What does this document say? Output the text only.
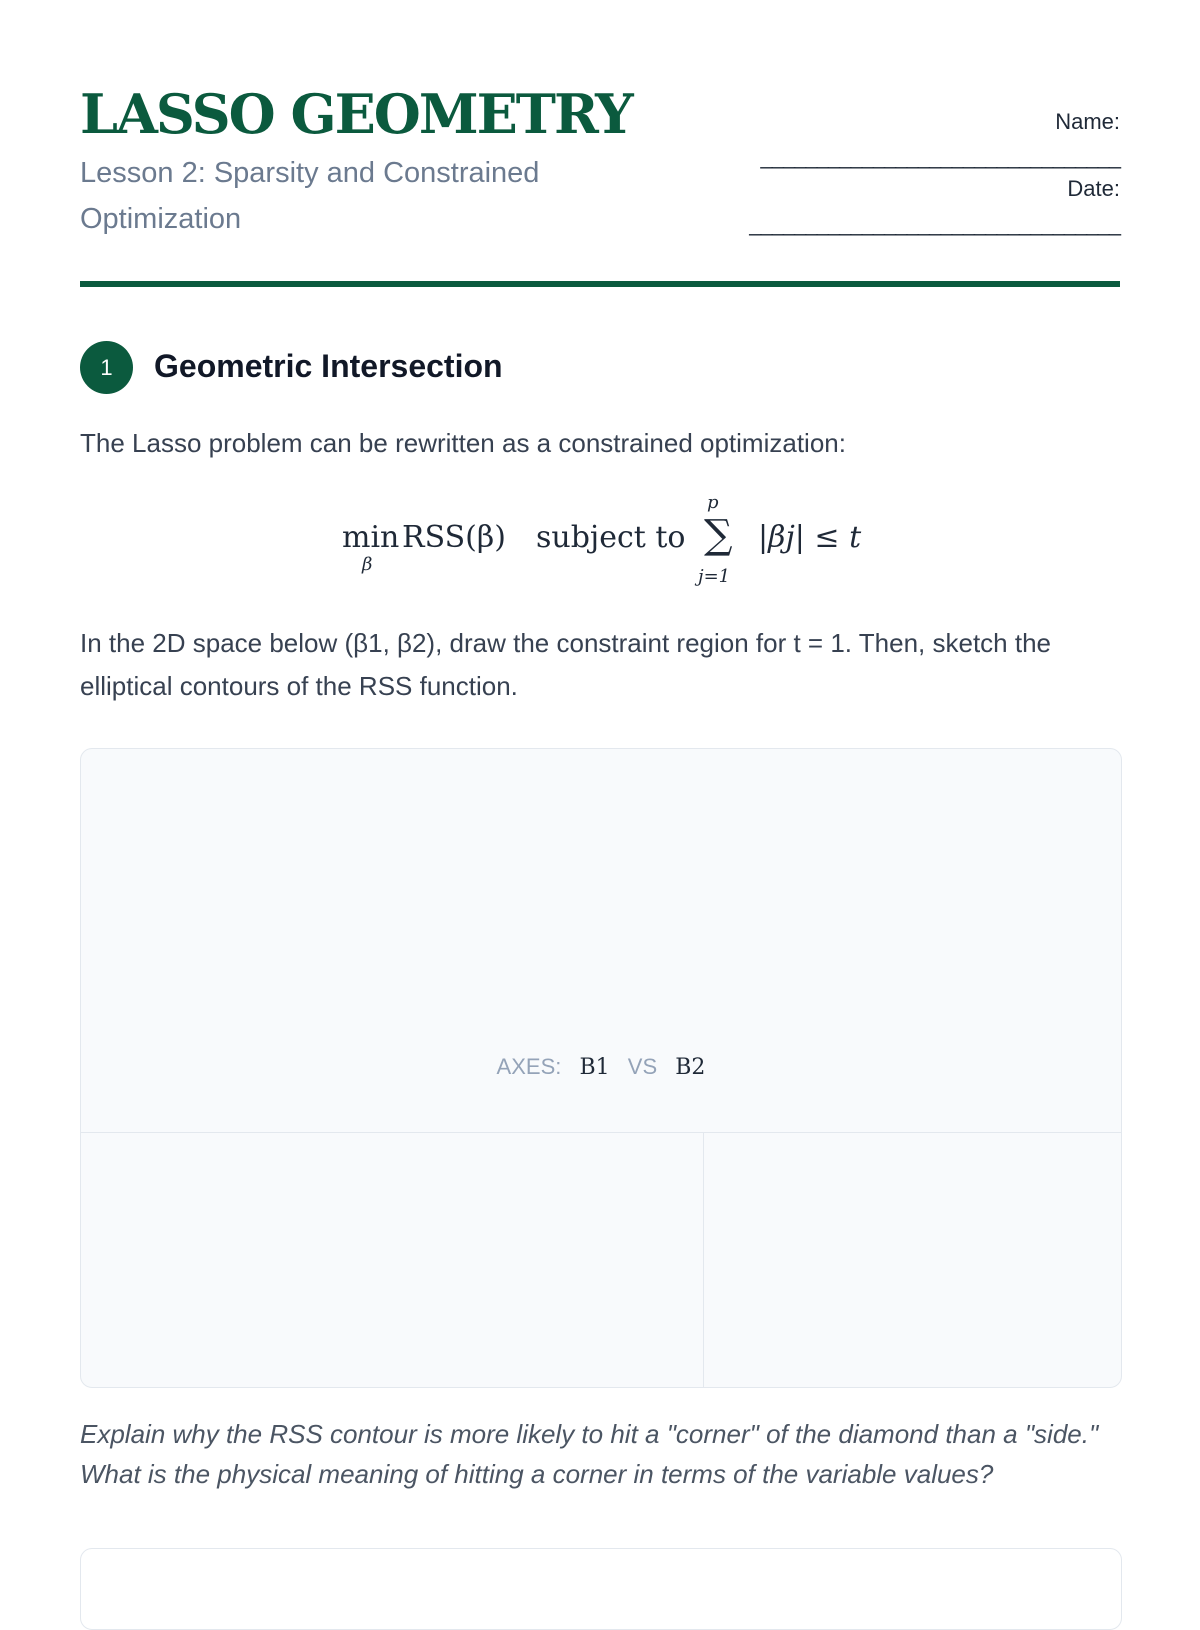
LASSO GEOMETRY
Lesson 2: Sparsity and Constrained Optimization
Name:
________________________________
Date:
_________________________________
1	Geometric Intersection
The Lasso problem can be rewritten as a constrained optimization:
min
β
RSS(β) subject to
p
∑
j=1
|βj| ≤ t
In the 2D space below (β1, β2), draw the constraint region for t = 1. Then, sketch the elliptical contours of the RSS function.
AXES: B1 VS B2
Explain why the RSS contour is more likely to hit a "corner" of the diamond than a "side." What is the physical meaning of hitting a corner in terms of the variable values?
